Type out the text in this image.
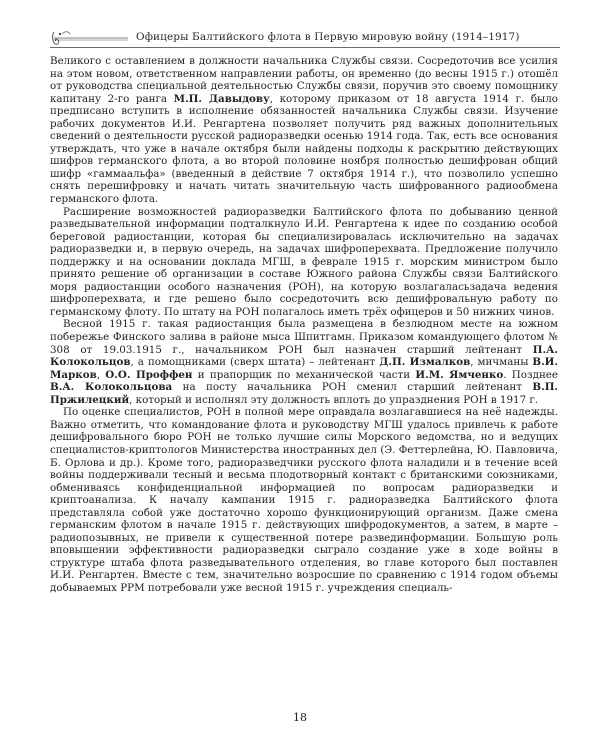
Офицеры Балтийского флота в Первую мировую войну (1914–1917)

Великого с оставлением в должности начальника Службы связи. Сосредоточив все усилия на этом новом, ответственном направлении работы, он временно (до весны 1915 г.) отошёл от руководства специальной деятельностью Службы связи, поручив это своему помощнику капитану 2-го ранга М.П. Давыдову, которому приказом от 18 августа 1914 г. было предписано вступить в исполнение обязанностей начальника Службы связи. Изучение рабочих документов И.И. Ренгартена позволяет получить ряд важных дополнительных сведений о деятельности русской радиоразведки осенью 1914 года. Так, есть все основания утверждать, что уже в начале октября были найдены подходы к раскрытию действующих шифров германского флота, а во второй половине ноября полностью дешифрован общий шифр «гаммаальфа» (введенный в действие 7 октября 1914 г.), что позволило успешно снять перешифровку и начать читать значительную часть шифрованного радиообмена германского флота.

Расширение возможностей радиоразведки Балтийского флота по добыванию ценной разведывательной информации подталкнуло И.И. Ренгартена к идее по созданию особой береговой радиостанции, которая бы специализировалась исключительно на задачах радиоразведки и, в первую очередь, на задачах шифроперехвата. Предложение получило поддержку и на основании доклада МГШ, в феврале 1915 г. морским министром было принято решение об организации в составе Южного района Службы связи Балтийского моря радиостанции особого назначения (РОН), на которую возлагаласьзадача ведения шифроперехвата, и где решено было сосредоточить всю дешифровальную работу по германскому флоту. По штату на РОН полагалось иметь трёх офицеров и 50 нижних чинов.

Весной 1915 г. такая радиостанция была размещена в безлюдном месте на южном побережье Финского залива в районе мыса Шпитгамн. Приказом командующего флотом № 308 от 19.03.1915 г., начальником РОН был назначен старший лейтенант П.А. Колокольцов, а помощниками (сверх штата) – лейтенант Д.П. Измалков, мичманы В.И. Марков, О.О. Проффен и прапорщик по механической части И.М. Ямченко. Позднее В.А. Колокольцова на посту начальника РОН сменил старший лейтенант В.П. Пржилецкий, который и исполнял эту должность вплоть до упразднения РОН в 1917 г.

По оценке специалистов, РОН в полной мере оправдала возлагавшиеся на неё надежды. Важно отметить, что командование флота и руководству МГШ удалось привлечь к работе дешифровального бюро РОН не только лучшие силы Морского ведомства, но и ведущих специалистов-криптологов Министерства иностранных дел (Э. Феттерлейна, Ю. Павловича, Б. Орлова и др.). Кроме того, радиоразведчики русского флота наладили и в течение всей войны поддерживали тесный и весьма плодотворный контакт с британскими союзниками, обмениваясь конфиденциальной информацией по вопросам радиоразведки и криптоанализа. К началу кампании 1915 г. радиоразведка Балтийского флота представляла собой уже достаточно хорошо функционирующий организм. Даже смена германским флотом в начале 1915 г. действующих шифродокументов, а затем, в марте – радиопозывных, не привели к существенной потере развединформации. Большую роль вповышении эффективности радиоразведки сыграло создание уже в ходе войны в структуре штаба флота разведывательного отделения, во главе которого был поставлен И.И. Ренгартен. Вместе с тем, значительно возросшие по сравнению с 1914 годом объемы добываемых PPM потребовали уже весной 1915 г. учреждения специаль-

18
